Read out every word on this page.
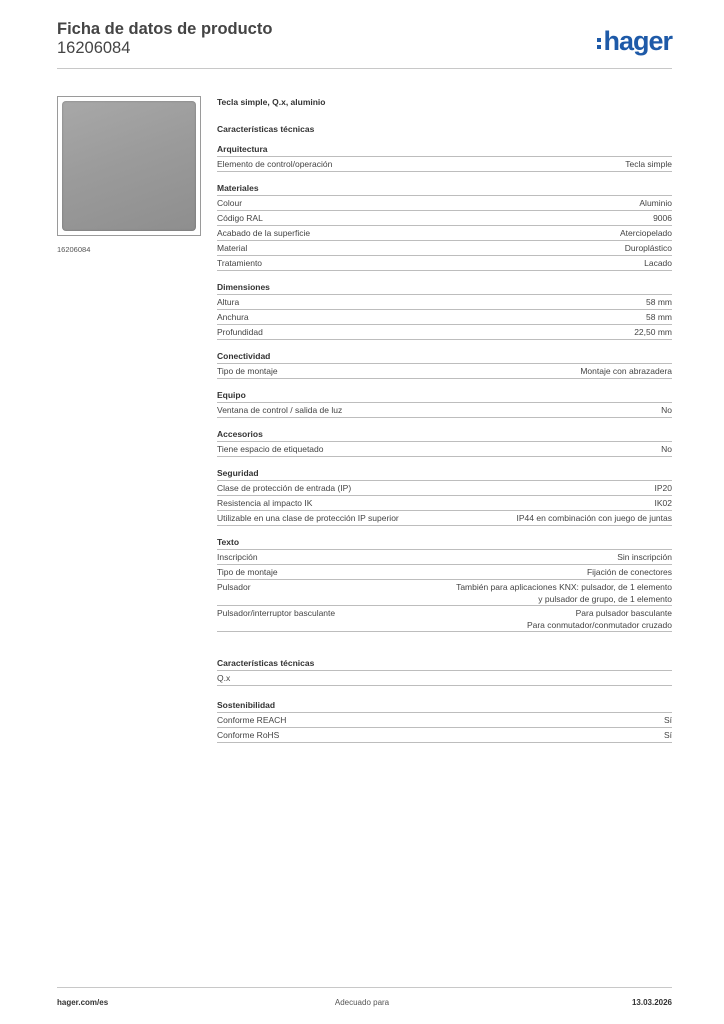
Ficha de datos de producto
16206084	hager
16206084
Tecla simple, Q.x, aluminio
Características técnicas
Arquitectura
Elemento de control/operación	Tecla simple
Materiales
Colour	Aluminio
Código RAL	9006
Acabado de la superficie	Aterciopelado
Material	Duroplástico
Tratamiento	Lacado
Dimensiones
Altura	58 mm
Anchura	58 mm
Profundidad	22,50 mm
Conectividad
Tipo de montaje	Montaje con abrazadera
Equipo
Ventana de control / salida de luz	No
Accesorios
Tiene espacio de etiquetado	No
Seguridad
Clase de protección de entrada (IP)	IP20
Resistencia al impacto IK	IK02
Utilizable en una clase de protección IP superior	IP44 en combinación con juego de juntas
Texto
Inscripción	Sin inscripción
Tipo de montaje	Fijación de conectores
Pulsador	También para aplicaciones KNX: pulsador, de 1 elemento
y pulsador de grupo, de 1 elemento
Pulsador/interruptor basculante	Para pulsador basculante
Para conmutador/conmutador cruzado
Características técnicas
Q.x
Sostenibilidad
Conforme REACH	Sí
Conforme RoHS	Sí
hager.com/es	Adecuado para	13.03.2026
